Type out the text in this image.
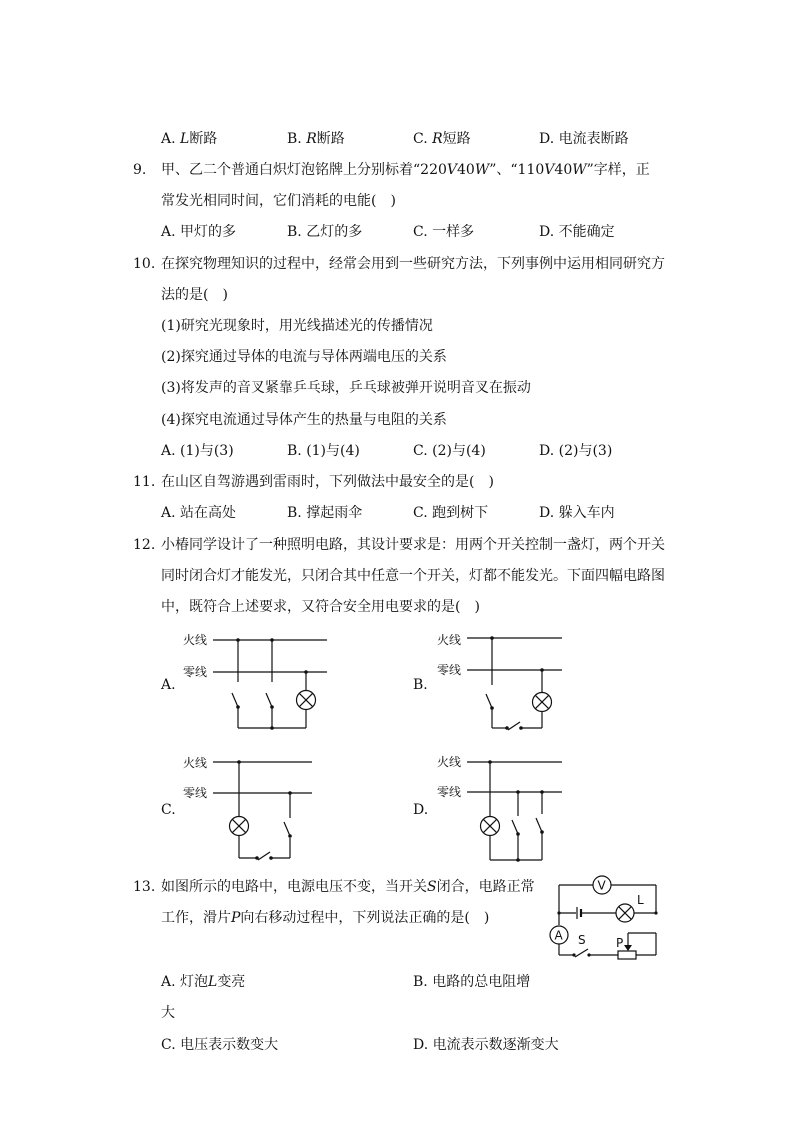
A. L断路	B. R断路	C. R短路	D. 电流表断路
9. 甲、乙二个普通白炽灯泡铭牌上分别标着“220V40W”、“110V40W”字样，正
常发光相同时间，它们消耗的电能(　)
A. 甲灯的多	B. 乙灯的多	C. 一样多	D. 不能确定
10. 在探究物理知识的过程中，经常会用到一些研究方法，下列事例中运用相同研究方
法的是(　)
(1)研究光现象时，用光线描述光的传播情况
(2)探究通过导体的电流与导体两端电压的关系
(3)将发声的音叉紧靠乒乓球，乒乓球被弹开说明音叉在振动
(4)探究电流通过导体产生的热量与电阻的关系
A. (1)与(3)	B. (1)与(4)	C. (2)与(4)	D. (2)与(3)
11. 在山区自驾游遇到雷雨时，下列做法中最安全的是(　)
A. 站在高处	B. 撑起雨伞	C. 跑到树下	D. 躲入车内
12. 小椿同学设计了一种照明电路，其设计要求是：用两个开关控制一盏灯，两个开关
同时闭合灯才能发光，只闭合其中任意一个开关，灯都不能发光。下面四幅电路图
中，既符合上述要求，又符合安全用电要求的是(　)
A.
火线
零线
B.
火线
零线
C.
火线
零线
D.
火线
零线
13. 如图所示的电路中，电源电压不变，当开关S闭合，电路正常
工作，滑片P向右移动过程中，下列说法正确的是(　)
V
L
A S	P
A. 灯泡L变亮	B. 电路的总电阻增
大
C. 电压表示数变大	D. 电流表示数逐渐变大
